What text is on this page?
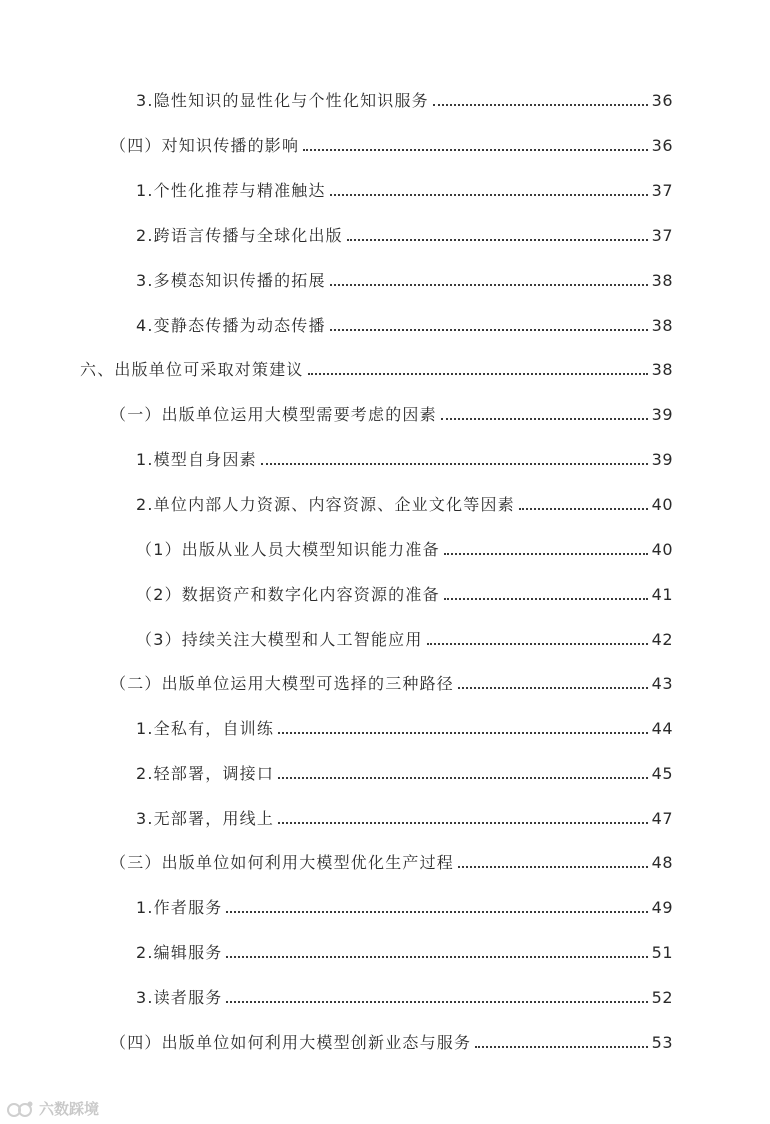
3.隐性知识的显性化与个性化知识服务	36
（四）对知识传播的影响	36
1.个性化推荐与精准触达	37
2.跨语言传播与全球化出版	37
3.多模态知识传播的拓展	38
4.变静态传播为动态传播	38
六、出版单位可采取对策建议	38
（一）出版单位运用大模型需要考虑的因素	39
1.模型自身因素	39
2.单位内部人力资源、内容资源、企业文化等因素	40
（1）出版从业人员大模型知识能力准备	40
（2）数据资产和数字化内容资源的准备	41
（3）持续关注大模型和人工智能应用	42
（二）出版单位运用大模型可选择的三种路径	43
1.全私有，自训练	44
2.轻部署，调接口	45
3.无部署，用线上	47
（三）出版单位如何利用大模型优化生产过程	48
1.作者服务	49
2.编辑服务	51
3.读者服务	52
（四）出版单位如何利用大模型创新业态与服务	53
六数踩境
